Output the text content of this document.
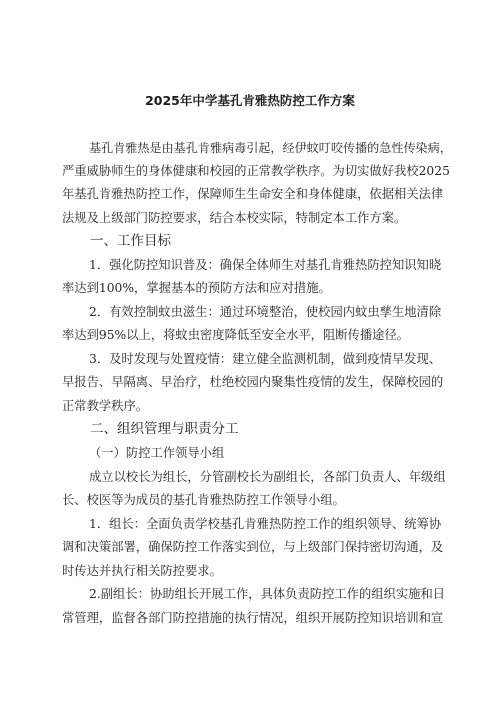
2025年中学基孔肯雅热防控工作方案
基孔肯雅热是由基孔肯雅病毒引起，经伊蚊叮咬传播的急性传染病，
严重威胁师生的身体健康和校园的正常教学秩序。为切实做好我校2025
年基孔肯雅热防控工作，保障师生生命安全和身体健康，依据相关法律
法规及上级部门防控要求，结合本校实际，特制定本工作方案。
一、工作目标
1．强化防控知识普及：确保全体师生对基孔肯雅热防控知识知晓
率达到100%，掌握基本的预防方法和应对措施。
2．有效控制蚊虫滋生：通过环境整治，使校园内蚊虫孳生地清除
率达到95%以上，将蚊虫密度降低至安全水平，阻断传播途径。
3．及时发现与处置疫情：建立健全监测机制，做到疫情早发现、
早报告、早隔离、早治疗，杜绝校园内聚集性疫情的发生，保障校园的
正常教学秩序。
二、组织管理与职责分工
（一）防控工作领导小组
成立以校长为组长，分管副校长为副组长，各部门负责人、年级组
长、校医等为成员的基孔肯雅热防控工作领导小组。
1．组长：全面负责学校基孔肯雅热防控工作的组织领导、统筹协
调和决策部署，确保防控工作落实到位，与上级部门保持密切沟通，及
时传达并执行相关防控要求。
2.副组长：协助组长开展工作，具体负责防控工作的组织实施和日
常管理，监督各部门防控措施的执行情况，组织开展防控知识培训和宣
